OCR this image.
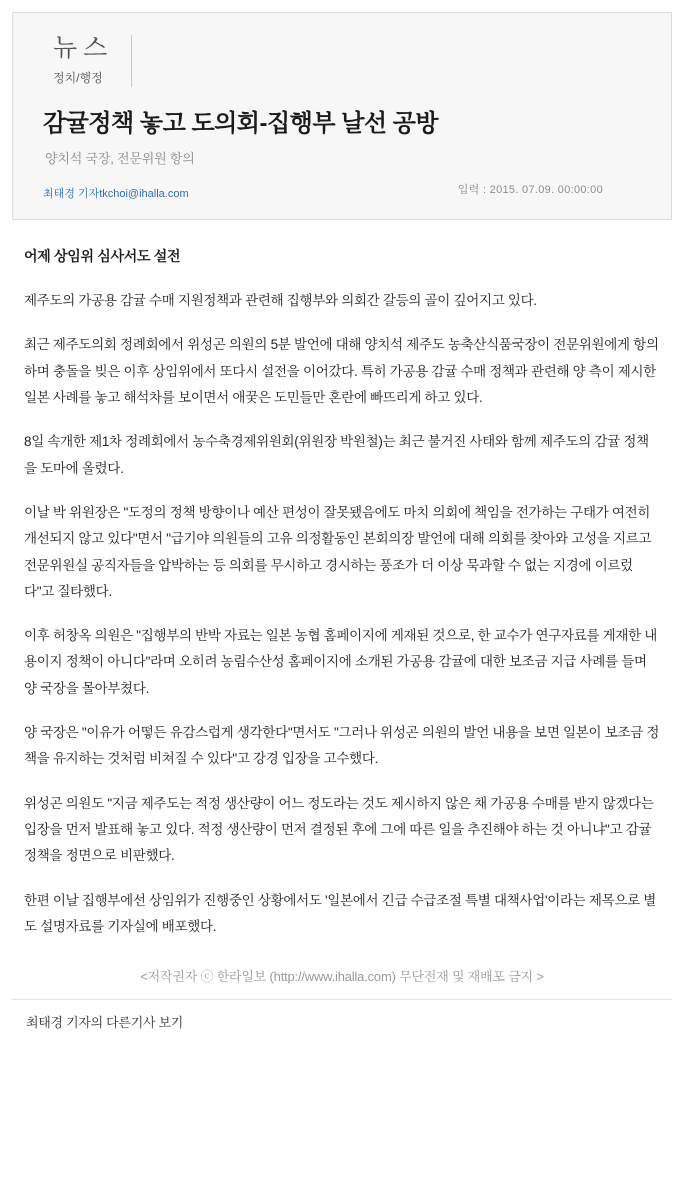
뉴스
정치/행정
감귤정책 놓고 도의회-집행부 날선 공방
양치석 국장, 전문위원 항의
최태경 기자tkchoi@ihalla.com	입력 : 2015. 07.09. 00:00:00
어제 상임위 심사서도 설전

제주도의 가공용 감귤 수매 지원정책과 관련해 집행부와 의회간 갈등의 골이 깊어지고 있다.

최근 제주도의회 정례회에서 위성곤 의원의 5분 발언에 대해 양치석 제주도 농축산식품국장이 전문위원에게 항의하며 충돌을 빚은 이후 상임위에서 또다시 설전을 이어갔다. 특히 가공용 감귤 수매 정책과 관련해 양 측이 제시한 일본 사례를 놓고 해석차를 보이면서 애꿎은 도민들만 혼란에 빠뜨리게 하고 있다.

8일 속개한 제1차 정례회에서 농수축경제위원회(위원장 박원철)는 최근 불거진 사태와 함께 제주도의 감귤 정책을 도마에 올렸다.

이날 박 위원장은 "도정의 정책 방향이나 예산 편성이 잘못됐음에도 마치 의회에 책임을 전가하는 구태가 여전히 개선되지 않고 있다"면서 "급기야 의원들의 고유 의정활동인 본회의장 발언에 대해 의회를 찾아와 고성을 지르고 전문위원실 공직자들을 압박하는 등 의회를 무시하고 경시하는 풍조가 더 이상 묵과할 수 없는 지경에 이르렀다"고 질타했다.

이후 허창옥 의원은 "집행부의 반박 자료는 일본 농협 홈페이지에 게재된 것으로, 한 교수가 연구자료를 게재한 내용이지 정책이 아니다"라며 오히려 농림수산성 홈페이지에 소개된 가공용 감귤에 대한 보조금 지급 사례를 들며 양 국장을 몰아부쳤다.

양 국장은 "이유가 어떻든 유감스럽게 생각한다"면서도 "그러나 위성곤 의원의 발언 내용을 보면 일본이 보조금 정책을 유지하는 것처럼 비쳐질 수 있다"고 강경 입장을 고수했다.

위성곤 의원도 "지금 제주도는 적정 생산량이 어느 정도라는 것도 제시하지 않은 채 가공용 수매를 받지 않겠다는 입장을 먼저 발표해 놓고 있다. 적정 생산량이 먼저 결정된 후에 그에 따른 일을 추진해야 하는 것 아니냐"고 감귤 정책을 정면으로 비판했다.

한편 이날 집행부에선 상임위가 진행중인 상황에서도 '일본에서 긴급 수급조절 특별 대책사업'이라는 제목으로 별도 설명자료를 기자실에 배포했다.

<저작권자 ⓒ 한라일보 (http://www.ihalla.com) 무단전재 및 재배포 금지 >
최태경 기자의 다른기사 보기
